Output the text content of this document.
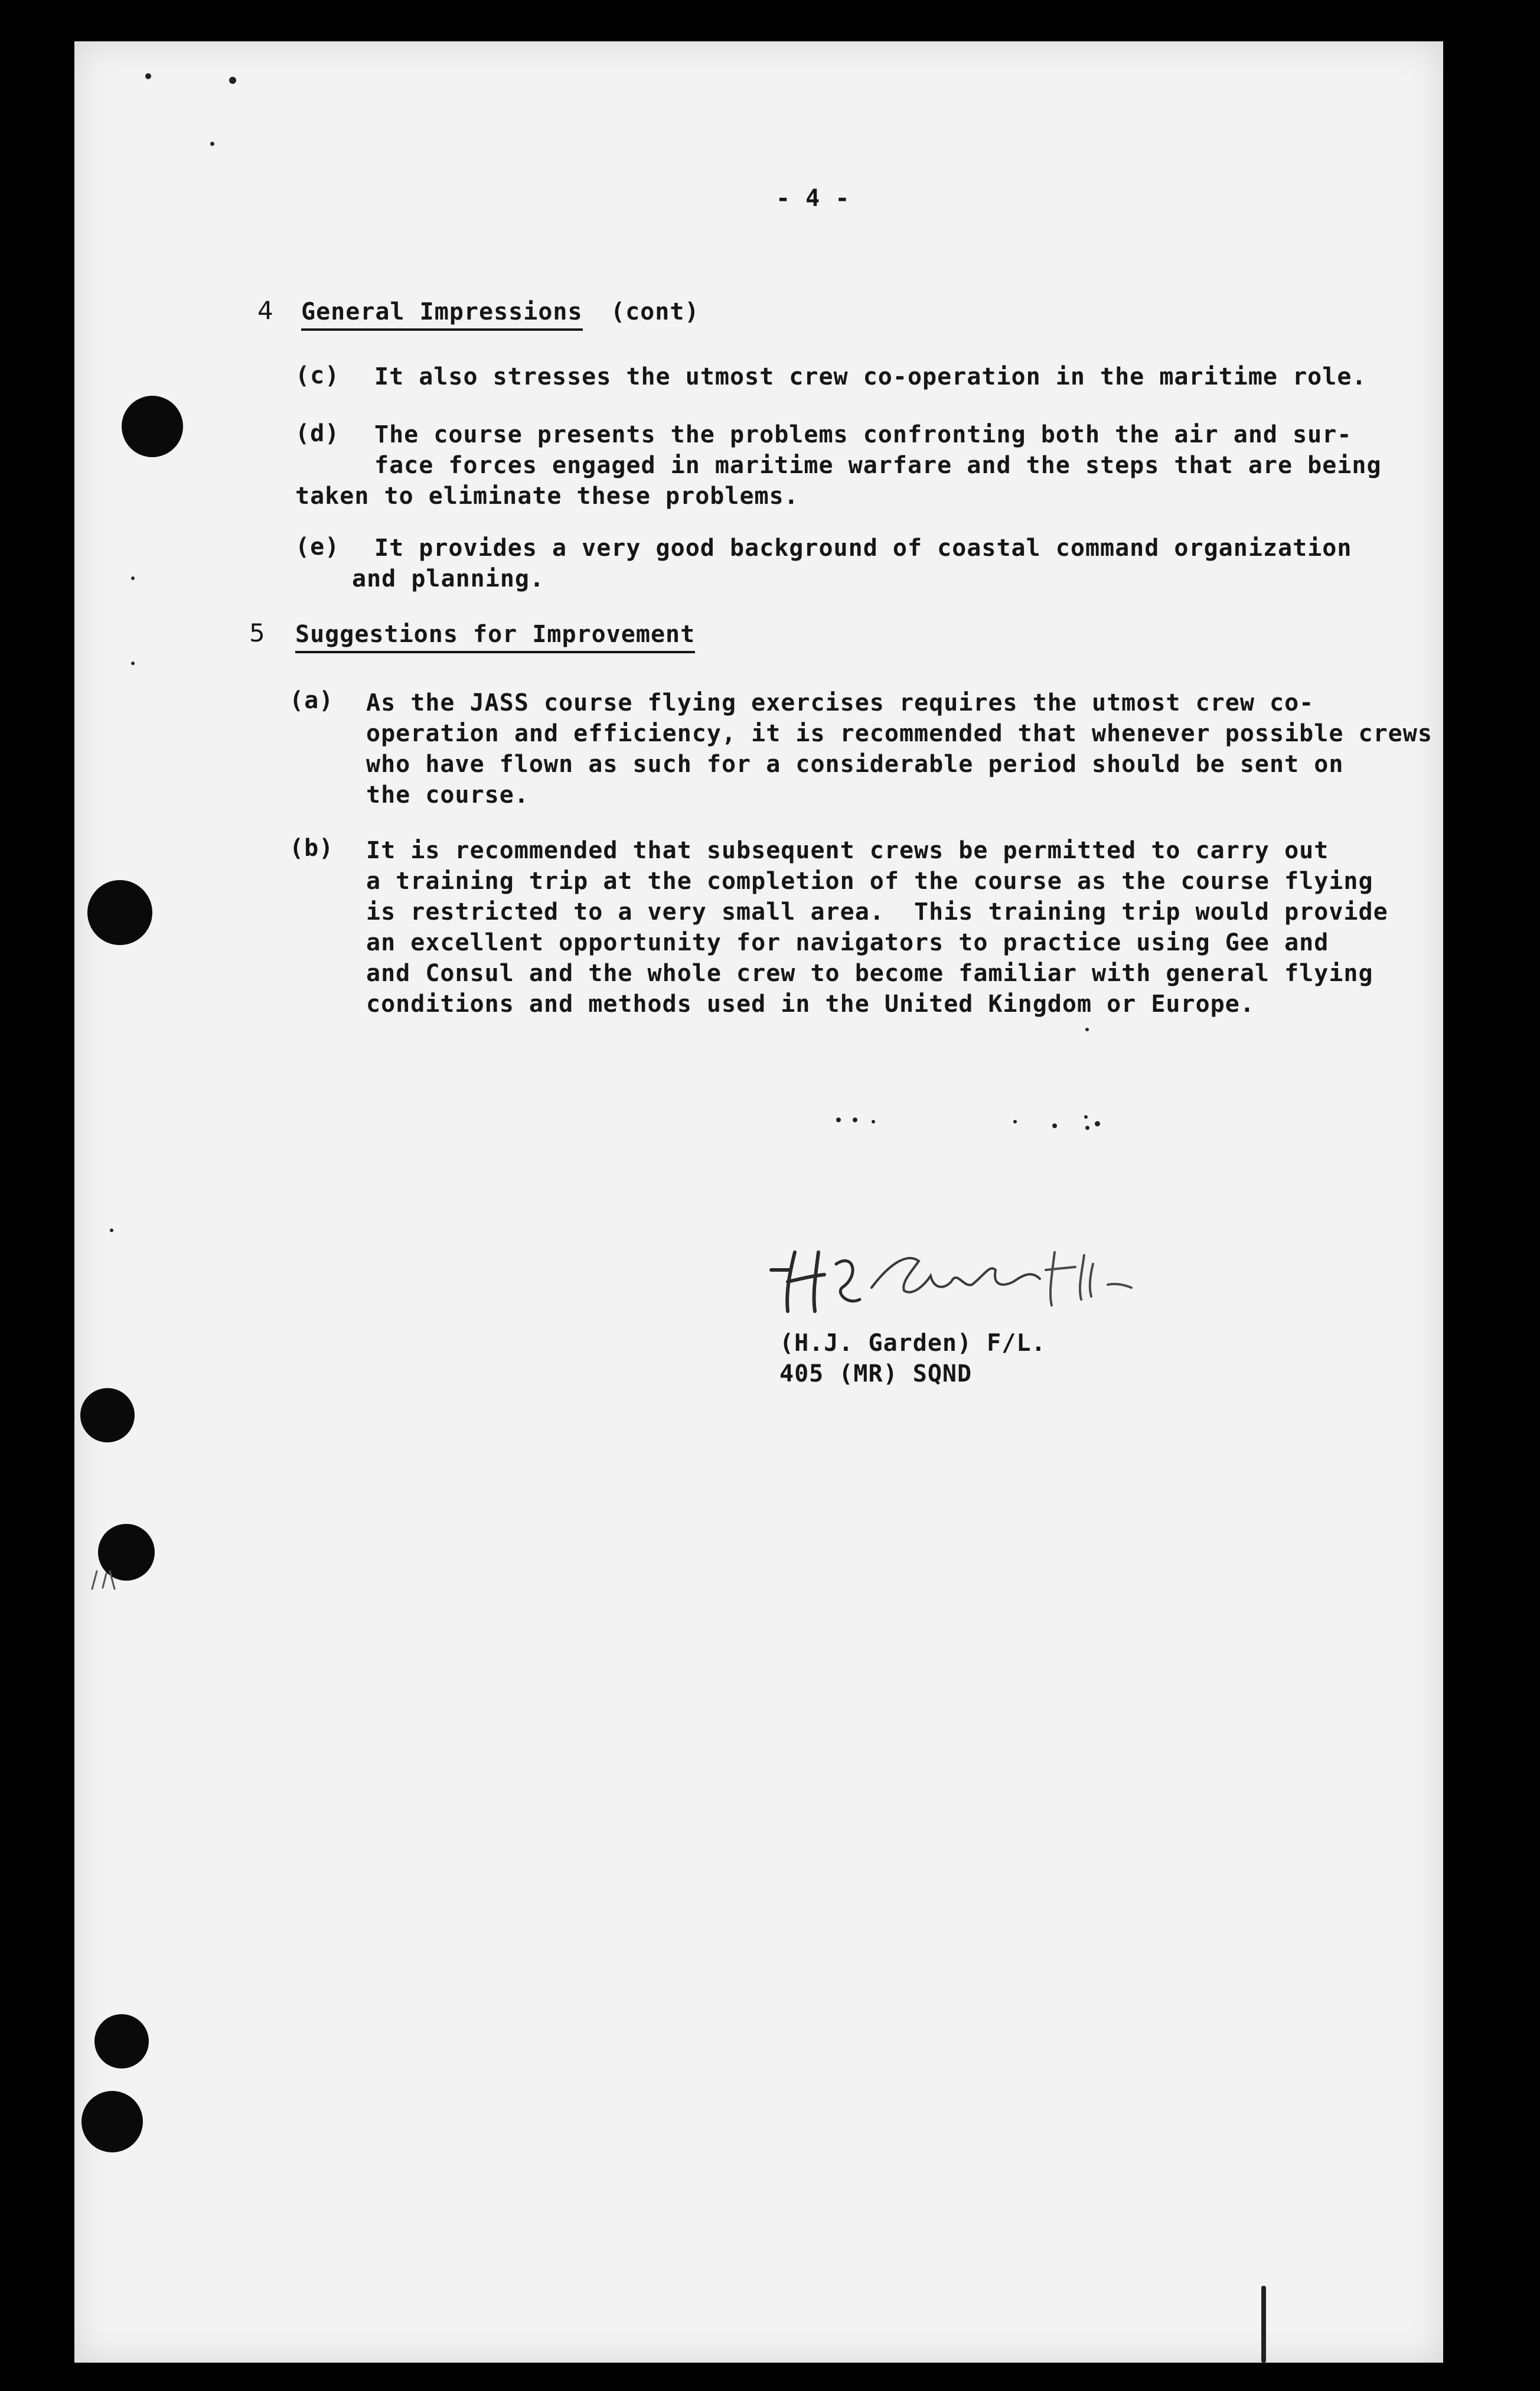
- 4 -
4 General Impressions (cont)
(c) It also stresses the utmost crew co-operation in the maritime role.
(d) The course presents the problems confronting both the air and sur-
face forces engaged in maritime warfare and the steps that are being
taken to eliminate these problems.
(e) It provides a very good background of coastal command organization
and planning.
5 Suggestions for Improvement
(a) As the JASS course flying exercises requires the utmost crew co-
operation and efficiency, it is recommended that whenever possible crews
who have flown as such for a considerable period should be sent on
the course.
(b) It is recommended that subsequent crews be permitted to carry out
a training trip at the completion of the course as the course flying
is restricted to a very small area.  This training trip would provide
an excellent opportunity for navigators to practice using Gee and
and Consul and the whole crew to become familiar with general flying
conditions and methods used in the United Kingdom or Europe.
(H.J. Garden) F/L.
405 (MR) SQND
